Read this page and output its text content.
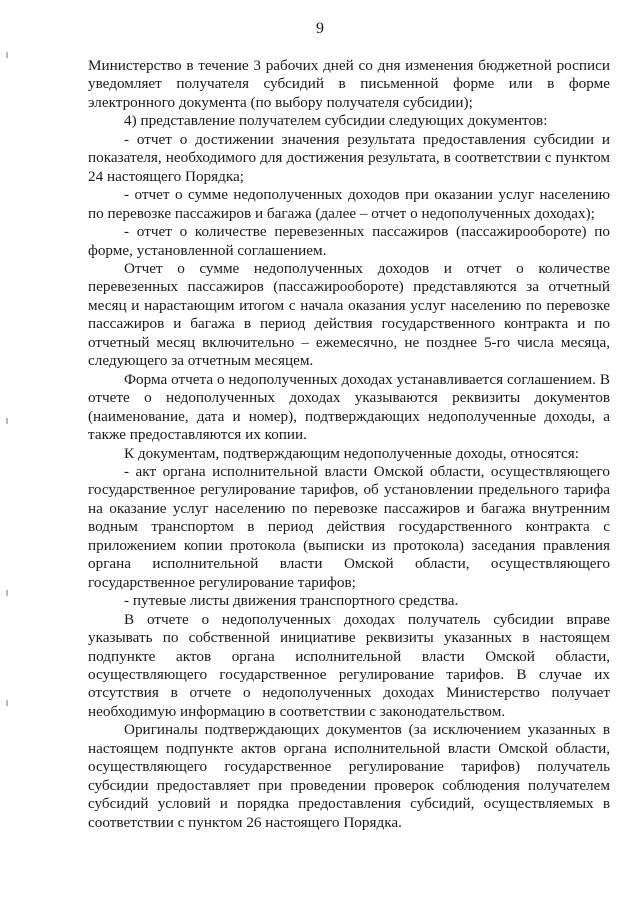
9

Министерство в течение 3 рабочих дней со дня изменения бюджетной росписи уведомляет получателя субсидий в письменной форме или в форме электронного документа (по выбору получателя субсидии);

4) представление получателем субсидии следующих документов:

- отчет о достижении значения результата предоставления субсидии и показателя, необходимого для достижения результата, в соответствии с пунктом 24 настоящего Порядка;

- отчет о сумме недополученных доходов при оказании услуг населению по перевозке пассажиров и багажа (далее – отчет о недополученных доходах);

- отчет о количестве перевезенных пассажиров (пассажирообороте) по форме, установленной соглашением.

Отчет о сумме недополученных доходов и отчет о количестве перевезенных пассажиров (пассажирообороте) представляются за отчетный месяц и нарастающим итогом с начала оказания услуг населению по перевозке пассажиров и багажа в период действия государственного контракта и по отчетный месяц включительно – ежемесячно, не позднее 5-го числа месяца, следующего за отчетным месяцем.

Форма отчета о недополученных доходах устанавливается соглашением. В отчете о недополученных доходах указываются реквизиты документов (наименование, дата и номер), подтверждающих недополученные доходы, а также предоставляются их копии.

К документам, подтверждающим недополученные доходы, относятся:

- акт органа исполнительной власти Омской области, осуществляющего государственное регулирование тарифов, об установлении предельного тарифа на оказание услуг населению по перевозке пассажиров и багажа внутренним водным транспортом в период действия государственного контракта с приложением копии протокола (выписки из протокола) заседания правления органа исполнительной власти Омской области, осуществляющего государственное регулирование тарифов;

- путевые листы движения транспортного средства.

В отчете о недополученных доходах получатель субсидии вправе указывать по собственной инициативе реквизиты указанных в настоящем подпункте актов органа исполнительной власти Омской области, осуществляющего государственное регулирование тарифов. В случае их отсутствия в отчете о недополученных доходах Министерство получает необходимую информацию в соответствии с законодательством.

Оригиналы подтверждающих документов (за исключением указанных в настоящем подпункте актов органа исполнительной власти Омской области, осуществляющего государственное регулирование тарифов) получатель субсидии предоставляет при проведении проверок соблюдения получателем субсидий условий и порядка предоставления субсидий, осуществляемых в соответствии с пунктом 26 настоящего Порядка.
